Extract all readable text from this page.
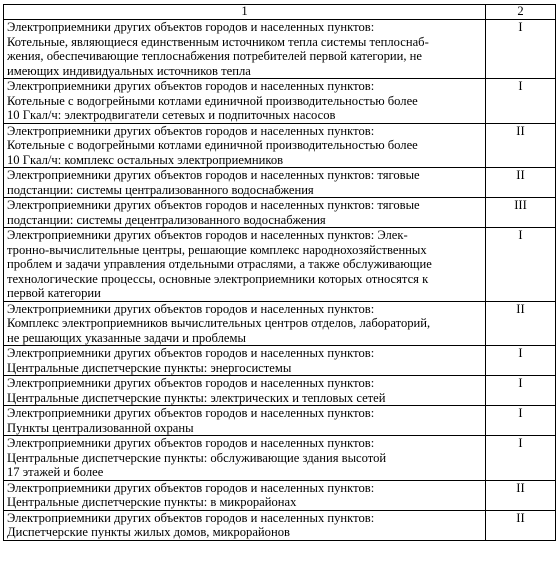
1	2

Электроприемники других объектов городов и населенных пунктов:
Котельные, являющиеся единственным источником тепла системы теплоснаб-
жения, обеспечивающие теплоснабжения потребителей первой категории, не
имеющих индивидуальных источников тепла	I

Электроприемники других объектов городов и населенных пунктов:
Котельные с водогрейными котлами единичной производительностью более
10 Гкал/ч: электродвигатели сетевых и подпиточных насосов	I

Электроприемники других объектов городов и населенных пунктов:
Котельные с водогрейными котлами единичной производительностью более
10 Гкал/ч: комплекс остальных электроприемников	II

Электроприемники других объектов городов и населенных пунктов: тяговые
подстанции: системы централизованного водоснабжения	II

Электроприемники других объектов городов и населенных пунктов: тяговые
подстанции: системы децентрализованного водоснабжения	III

Электроприемники других объектов городов и населенных пунктов: Элек-
тронно-вычислительные центры, решающие комплекс народнохозяйственных
проблем и задачи управления отдельными отраслями, а также обслуживающие
технологические процессы, основные электроприемники которых относятся к
первой категории	I

Электроприемники других объектов городов и населенных пунктов:
Комплекс электроприемников вычислительных центров отделов, лабораторий,
не решающих указанные задачи и проблемы	II

Электроприемники других объектов городов и населенных пунктов:
Центральные диспетчерские пункты: энергосистемы	I

Электроприемники других объектов городов и населенных пунктов:
Центральные диспетчерские пункты: электрических и тепловых сетей	I

Электроприемники других объектов городов и населенных пунктов:
Пункты централизованной охраны	I

Электроприемники других объектов городов и населенных пунктов:
Центральные диспетчерские пункты: обслуживающие здания высотой
17 этажей и более	I

Электроприемники других объектов городов и населенных пунктов:
Центральные диспетчерские пункты: в микрорайонах	II

Электроприемники других объектов городов и населенных пунктов:
Диспетчерские пункты жилых домов, микрорайонов	II
